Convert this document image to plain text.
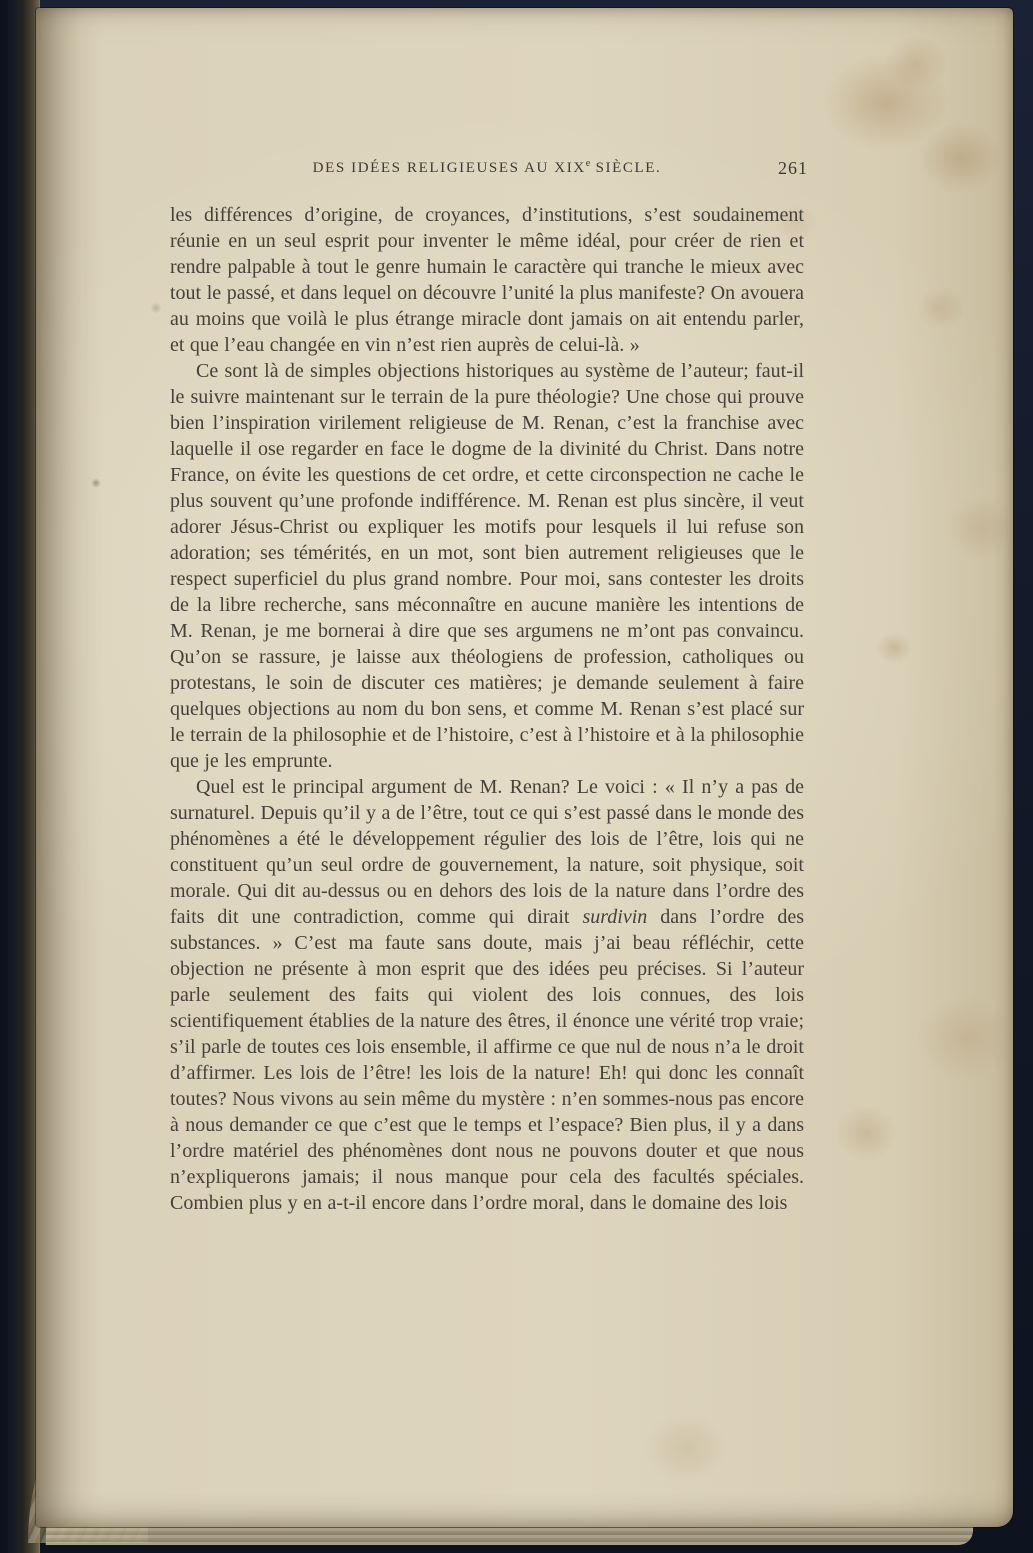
DES IDÉES RELIGIEUSES AU XIXe SIÈCLE.	261

les différences d’origine, de croyances, d’institutions, s’est soudainement réunie en un seul esprit pour inventer le même idéal, pour créer de rien et rendre palpable à tout le genre humain le caractère qui tranche le mieux avec tout le passé, et dans lequel on découvre l’unité la plus manifeste? On avouera au moins que voilà le plus étrange miracle dont jamais on ait entendu parler, et que l’eau changée en vin n’est rien auprès de celui-là. »

Ce sont là de simples objections historiques au système de l’auteur; faut-il le suivre maintenant sur le terrain de la pure théologie? Une chose qui prouve bien l’inspiration virilement religieuse de M. Renan, c’est la franchise avec laquelle il ose regarder en face le dogme de la divinité du Christ. Dans notre France, on évite les questions de cet ordre, et cette circonspection ne cache le plus souvent qu’une profonde indifférence. M. Renan est plus sincère, il veut adorer Jésus-Christ ou expliquer les motifs pour lesquels il lui refuse son adoration; ses témérités, en un mot, sont bien autrement religieuses que le respect superficiel du plus grand nombre. Pour moi, sans contester les droits de la libre recherche, sans méconnaître en aucune manière les intentions de M. Renan, je me bornerai à dire que ses argumens ne m’ont pas convaincu. Qu’on se rassure, je laisse aux théologiens de profession, catholiques ou protestans, le soin de discuter ces matières; je demande seulement à faire quelques objections au nom du bon sens, et comme M. Renan s’est placé sur le terrain de la philosophie et de l’histoire, c’est à l’histoire et à la philosophie que je les emprunte.

Quel est le principal argument de M. Renan? Le voici : « Il n’y a pas de surnaturel. Depuis qu’il y a de l’être, tout ce qui s’est passé dans le monde des phénomènes a été le développement régulier des lois de l’être, lois qui ne constituent qu’un seul ordre de gouvernement, la nature, soit physique, soit morale. Qui dit au-dessus ou en dehors des lois de la nature dans l’ordre des faits dit une contradiction, comme qui dirait surdivin dans l’ordre des substances. » C’est ma faute sans doute, mais j’ai beau réfléchir, cette objection ne présente à mon esprit que des idées peu précises. Si l’auteur parle seulement des faits qui violent des lois connues, des lois scientifiquement établies de la nature des êtres, il énonce une vérité trop vraie; s’il parle de toutes ces lois ensemble, il affirme ce que nul de nous n’a le droit d’affirmer. Les lois de l’être! les lois de la nature! Eh! qui donc les connaît toutes? Nous vivons au sein même du mystère : n’en sommes-nous pas encore à nous demander ce que c’est que le temps et l’espace? Bien plus, il y a dans l’ordre matériel des phénomènes dont nous ne pouvons douter et que nous n’expliquerons jamais; il nous manque pour cela des facultés spéciales. Combien plus y en a-t-il encore dans l’ordre moral, dans le domaine des lois
